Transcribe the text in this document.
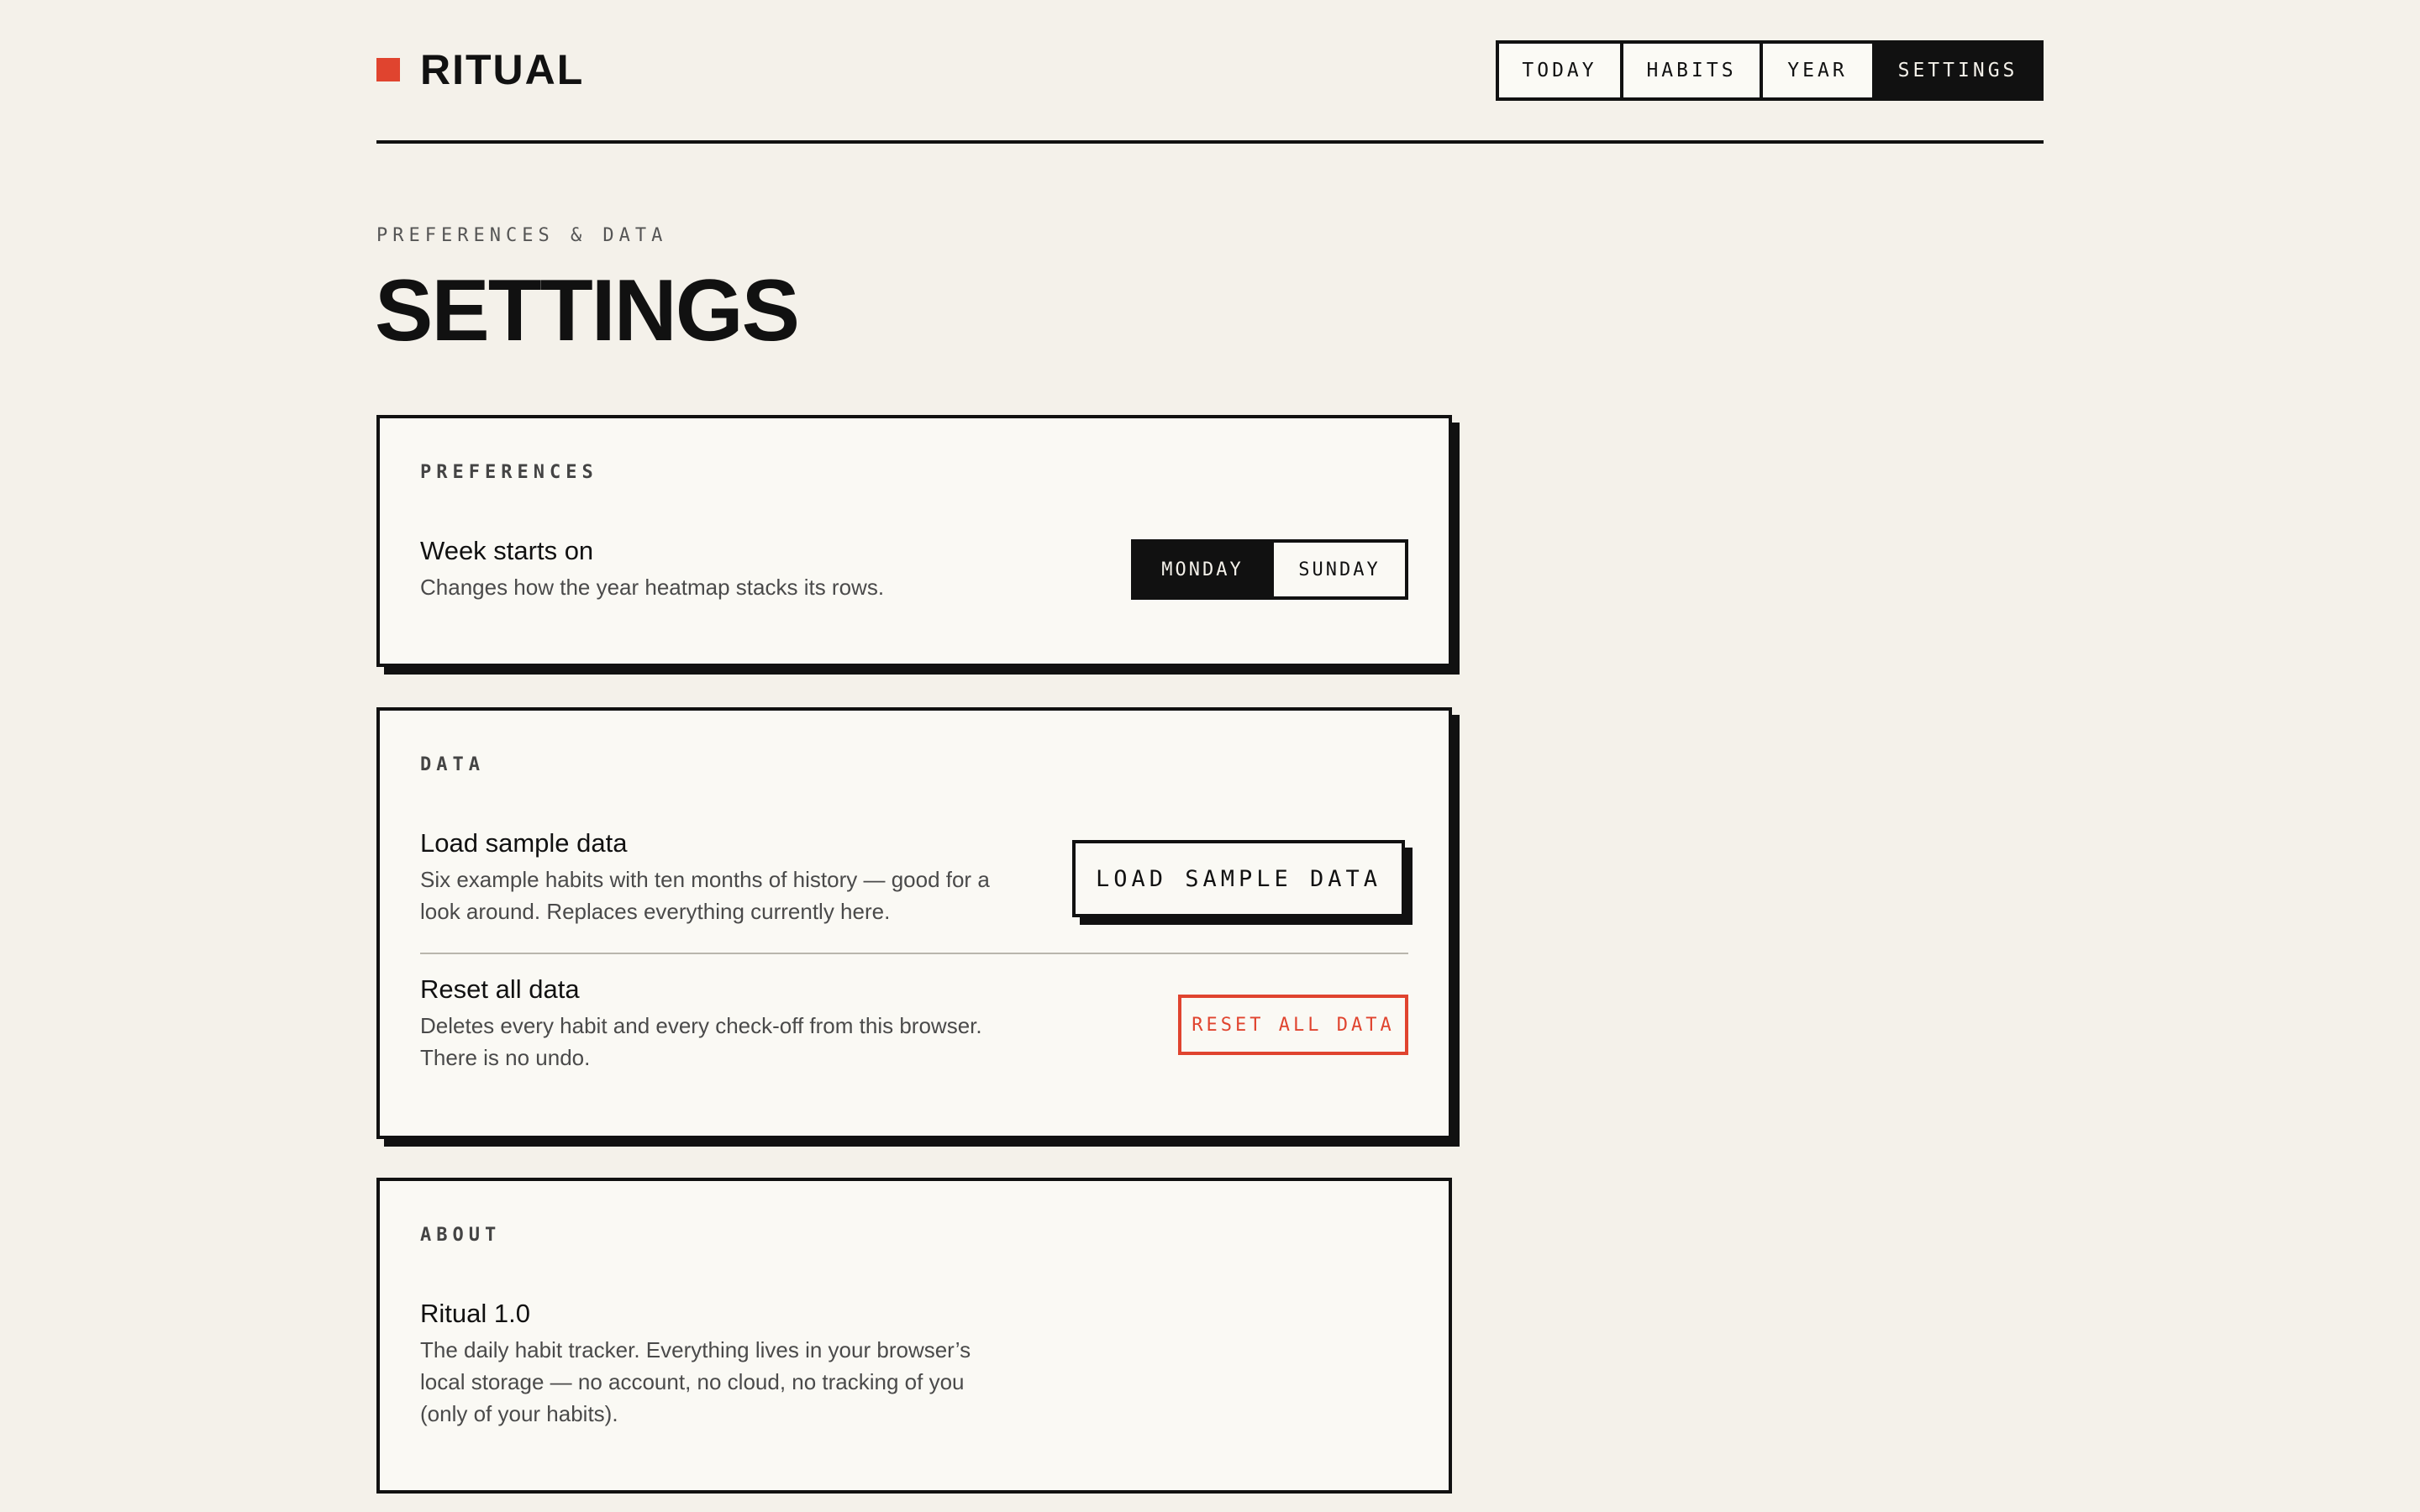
RITUAL	TODAY	HABITS	YEAR	SETTINGS
PREFERENCES & DATA
SETTINGS
PREFERENCES
Week starts on
Changes how the year heatmap stacks its rows.
MONDAY	SUNDAY
DATA
Load sample data
Six example habits with ten months of history — good for a look around. Replaces everything currently here.
LOAD SAMPLE DATA
Reset all data
Deletes every habit and every check-off from this browser. There is no undo.
RESET ALL DATA
ABOUT
Ritual 1.0
The daily habit tracker. Everything lives in your browser’s local storage — no account, no cloud, no tracking of you (only of your habits).
